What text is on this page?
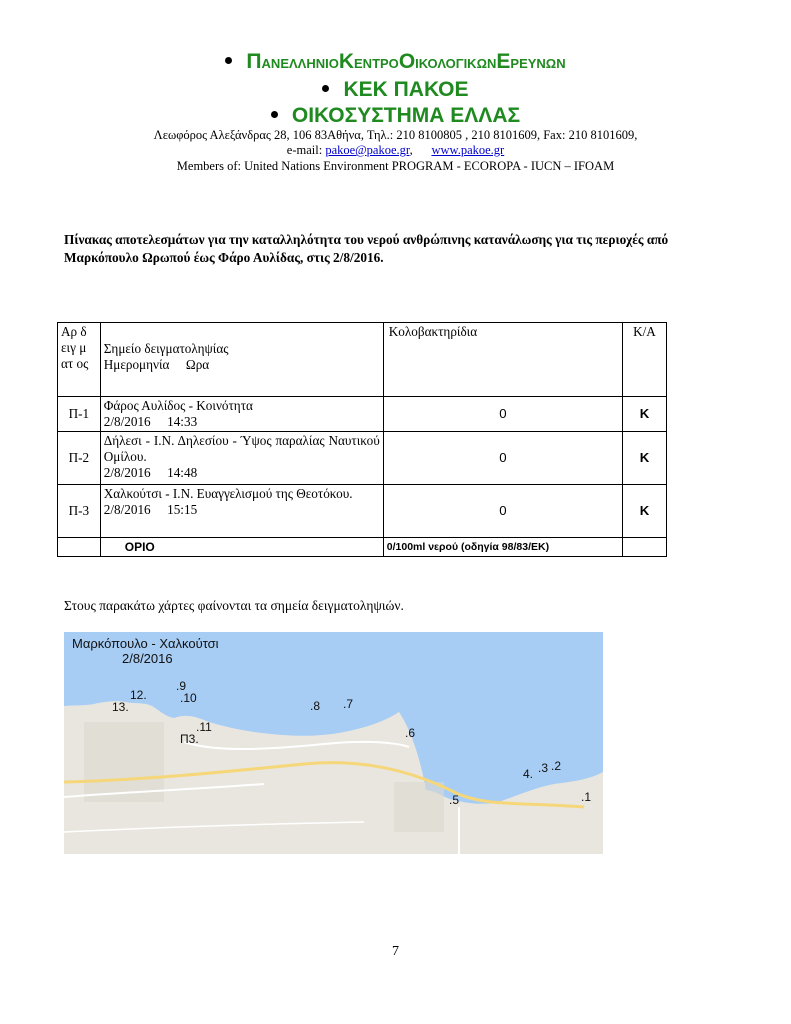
ΠΑΝΕΛΛΗΝΙΟΚΕΝΤΡΟΟΙΚΟΛΟΓΙΚΩΝΕΡΕΥΝΩΝ
ΚΕΚ ΠΑΚΟΕ
ΟΙΚΟΣΥΣΤΗΜΑ ΕΛΛΑΣ
Λεωφόρος Αλεξάνδρας 28, 106 83Αθήνα, Τηλ.: 210 8100805 , 210 8101609, Fax: 210 8101609,
e-mail: pakoe@pakoe.gr, www.pakoe.gr
Members of: United Nations Environment PROGRAM - ECOROPA - IUCN – IFOAM
Πίνακας αποτελεσμάτων για την καταλληλότητα του νερού ανθρώπινης κατανάλωσης για τις περιοχές από Μαρκόπουλο Ωρωπού έως Φάρο Αυλίδας, στις 2/8/2016.
Αρ δειγ ματ ος	Σημείο δειγματοληψίας
Ημερομηνία     Ωρα	Κολοβακτηρίδια	Κ/Α
Π-1	Φάρος Αυλίδος - Κοινότητα
2/8/2016     14:33	0	Κ
Π-2	Δήλεσι - Ι.Ν. Δηλεσίου - Ύψος παραλίας Ναυτικού Ομίλου.
2/8/2016     14:48	0	Κ
Π-3	Χαλκούτσι - Ι.Ν. Ευαγγελισμού της Θεοτόκου.
2/8/2016     15:15	0	Κ
	ΟΡΙΟ	0/100ml νερού (οδηγία 98/83/ΕΚ)	
Στους παρακάτω χάρτες φαίνονται τα σημεία δειγματοληψιών.
Μαρκόπουλο - Χαλκούτσι
2/8/2016
.9
.10
12.
13.
.11
Π3.
.8 .7
.6
.5
4. .3 .2
.1
7
